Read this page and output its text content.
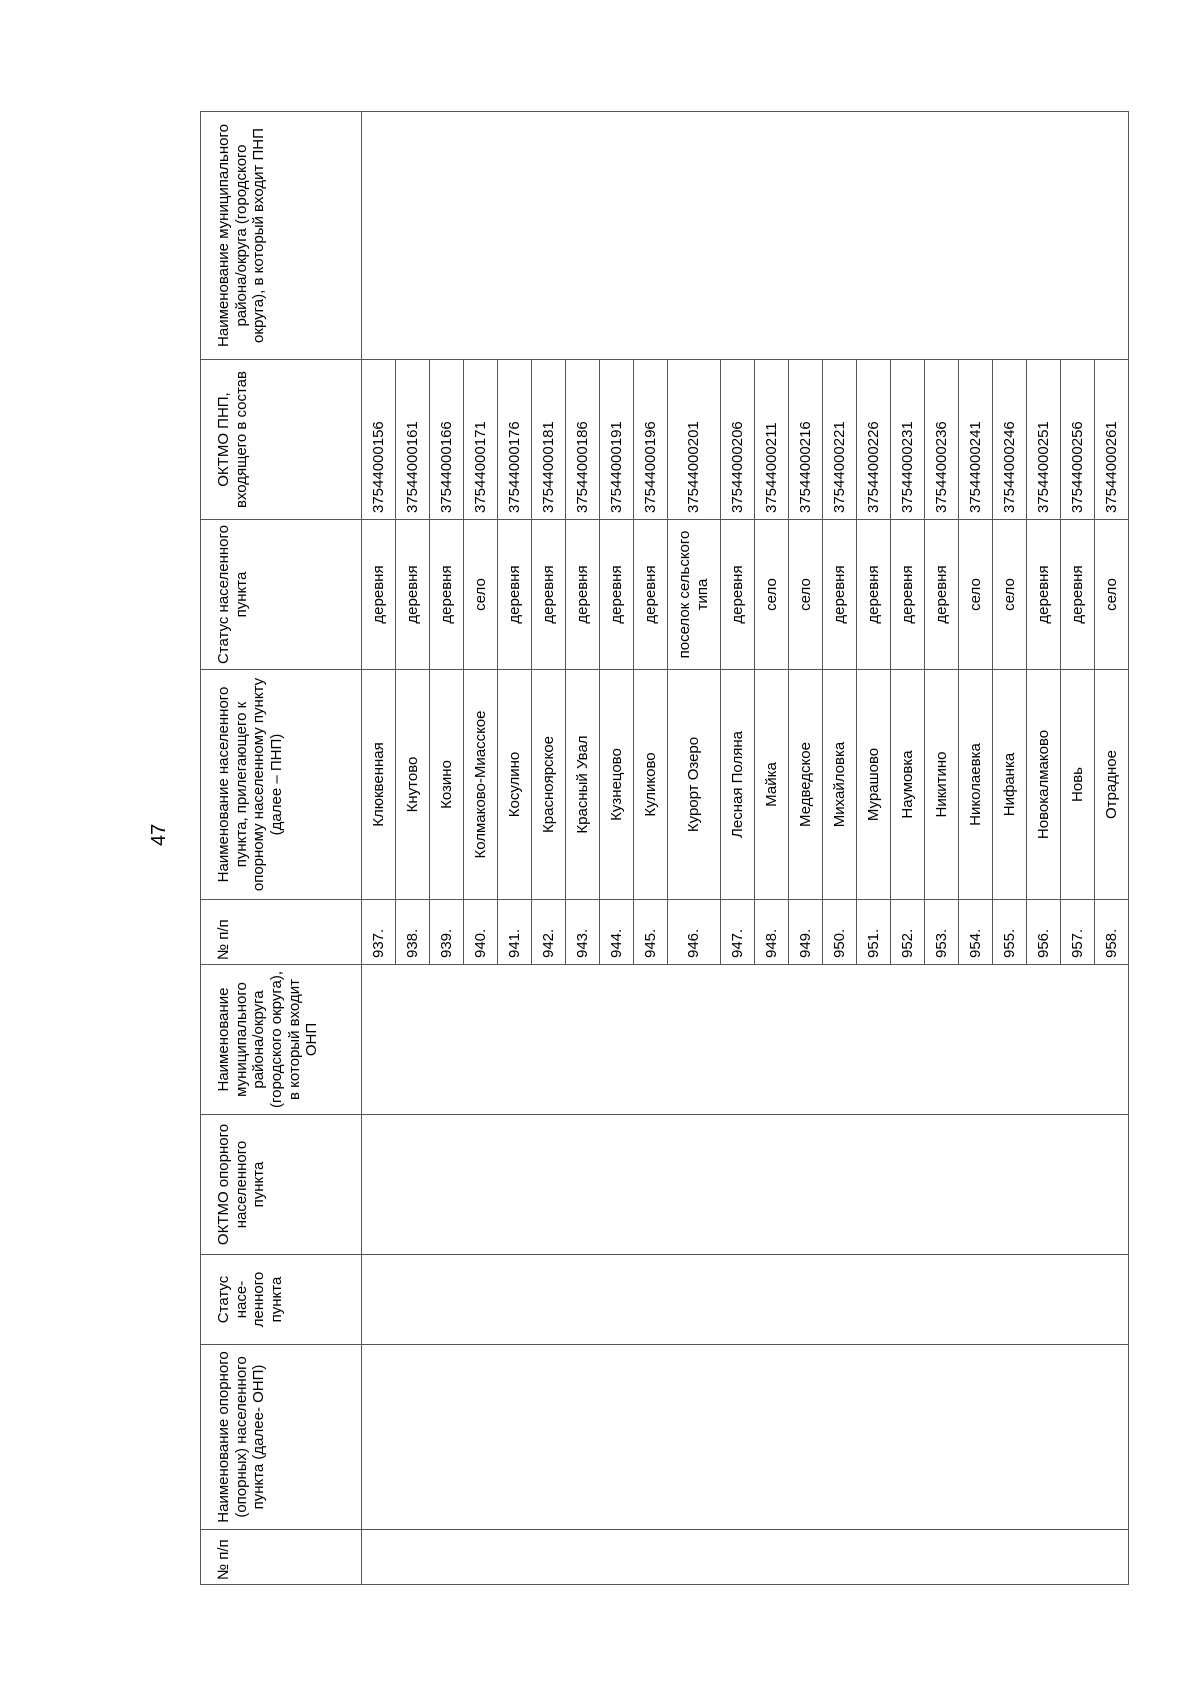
47
№ п/п	Наименование опорного (опорных) населенного пункта (далее- ОНП)	Статус насе- ленного пункта	ОКТМО опорного населенного пункта	Наименование муниципального района/округа (городского округа), в который входит ОНП	№ п/п	Наименование населенного пункта, прилегающего к опорному населенному пункту (далее – ПНП)	Статус населенного пункта	ОКТМО ПНП, входящего в состав	Наименование муниципального района/округа (городского округа), в который входит ПНП
					937.	Клюквенная	деревня	37544000156	
					938.	Кнутово	деревня	37544000161	
					939.	Козино	деревня	37544000166	
					940.	Колмаково-Миасское	село	37544000171	
					941.	Косулино	деревня	37544000176	
					942.	Красноярское	деревня	37544000181	
					943.	Красный Увал	деревня	37544000186	
					944.	Кузнецово	деревня	37544000191	
					945.	Куликово	деревня	37544000196	
					946.	Курорт Озеро	поселок сельского типа	37544000201	
					947.	Лесная Поляна	деревня	37544000206	
					948.	Майка	село	37544000211	
					949.	Медведское	село	37544000216	
					950.	Михайловка	деревня	37544000221	
					951.	Мурашово	деревня	37544000226	
					952.	Наумовка	деревня	37544000231	
					953.	Никитино	деревня	37544000236	
					954.	Николаевка	село	37544000241	
					955.	Нифанка	село	37544000246	
					956.	Новокалмаково	деревня	37544000251	
					957.	Новь	деревня	37544000256	
					958.	Отрадное	село	37544000261	
